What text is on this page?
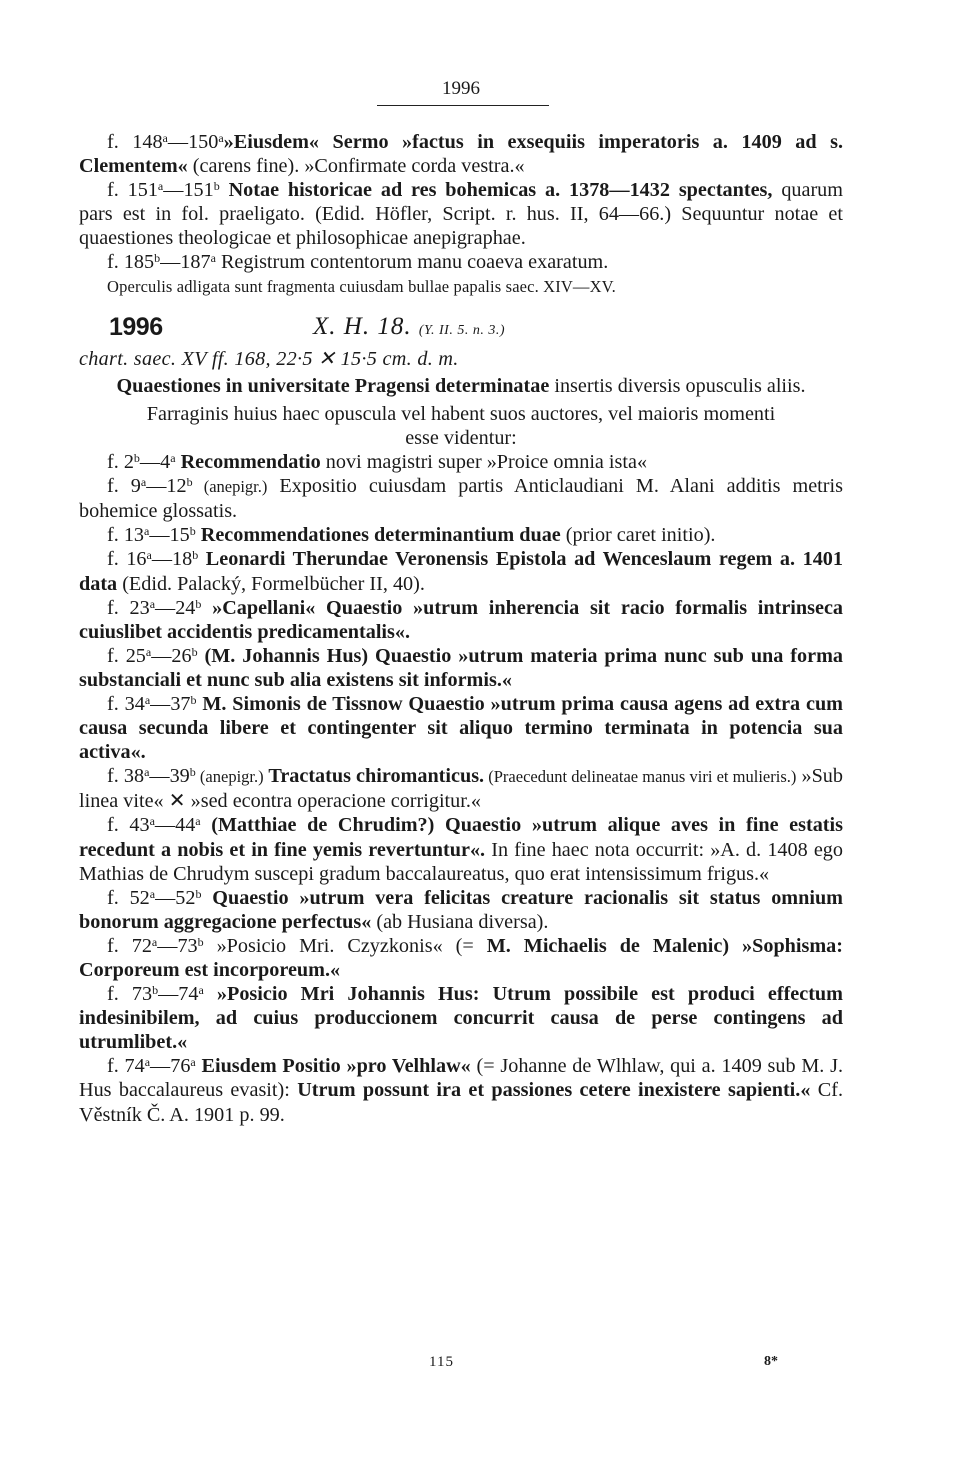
1996

f. 148$^a$—150$^a$»Eiusdem« Sermo »factus in exsequiis imperatoris a. 1409 ad s. Clementem« (carens fine). »Confirmate corda vestra.«

f. 151$^a$—151$^b$ Notae historicae ad res bohemicas a. 1378—1432 spectantes, quarum pars est in fol. praeligato. (Edid. Höfler, Script. r. hus. II, 64—66.) Sequuntur notae et quaestiones theologicae et philosophicae anepigraphae.

f. 185$^b$—187$^a$ Registrum contentorum manu coaeva exaratum.

Operculis adligata sunt fragmenta cuiusdam bullae papalis saec. XIV—XV.

1996	X. H. 18. (Y. II. 5. n. 3.)

chart. saec. XV ff. 168, 22·5 ✕ 15·5 cm. d. m.

Quaestiones in universitate Pragensi determinatae insertis diversis opusculis aliis.

Farraginis huius haec opuscula vel habent suos auctores, vel maioris momenti esse videntur:

f. 2$^b$—4$^a$ Recommendatio novi magistri super »Proice omnia ista«

f. 9$^a$—12$^b$ (anepigr.) Expositio cuiusdam partis Anticlaudiani M. Alani additis metris bohemice glossatis.

f. 13$^a$—15$^b$ Recommendationes determinantium duae (prior caret initio).

f. 16$^a$—18$^b$ Leonardi Therundae Veronensis Epistola ad Wenceslaum regem a. 1401 data (Edid. Palacký, Formelbücher II, 40).

f. 23$^a$—24$^b$ »Capellani« Quaestio »utrum inherencia sit racio formalis intrinseca cuiuslibet accidentis predicamentalis«.

f. 25$^a$—26$^b$ (M. Johannis Hus) Quaestio »utrum materia prima nunc sub una forma substanciali et nunc sub alia existens sit informis.«

f. 34$^a$—37$^b$ M. Simonis de Tissnow Quaestio »utrum prima causa agens ad extra cum causa secunda libere et contingenter sit aliquo termino terminata in potencia sua activa«.

f. 38$^a$—39$^b$ (anepigr.) Tractatus chiromanticus. (Praecedunt delineatae manus viri et mulieris.) »Sub linea vite« ✕ »sed econtra operacione corrigitur.«

f. 43$^a$—44$^a$ (Matthiae de Chrudim?) Quaestio »utrum alique aves in fine estatis recedunt a nobis et in fine yemis revertuntur«. In fine haec nota occurrit: »A. d. 1408 ego Mathias de Chrudym suscepi gradum baccalaureatus, quo erat intensissimum frigus.«

f. 52$^a$—52$^b$ Quaestio »utrum vera felicitas creature racionalis sit status omnium bonorum aggregacione perfectus« (ab Husiana diversa).

f. 72$^a$—73$^b$ »Posicio Mri. Czyzkonis« (= M. Michaelis de Malenic) »Sophisma: Corporeum est incorporeum.«

f. 73$^b$—74$^a$ »Posicio Mri Johannis Hus: Utrum possibile est produci effectum indesinibilem, ad cuius produccionem concurrit causa de perse contingens ad utrumlibet.«

f. 74$^a$—76$^a$ Eiusdem Positio »pro Velhlaw« (= Johanne de Wlhlaw, qui a. 1409 sub M. J. Hus baccalaureus evasit): Utrum possunt ira et passiones cetere inexistere sapienti.« Cf. Věstník Č. A. 1901 p. 99.

115	8*
